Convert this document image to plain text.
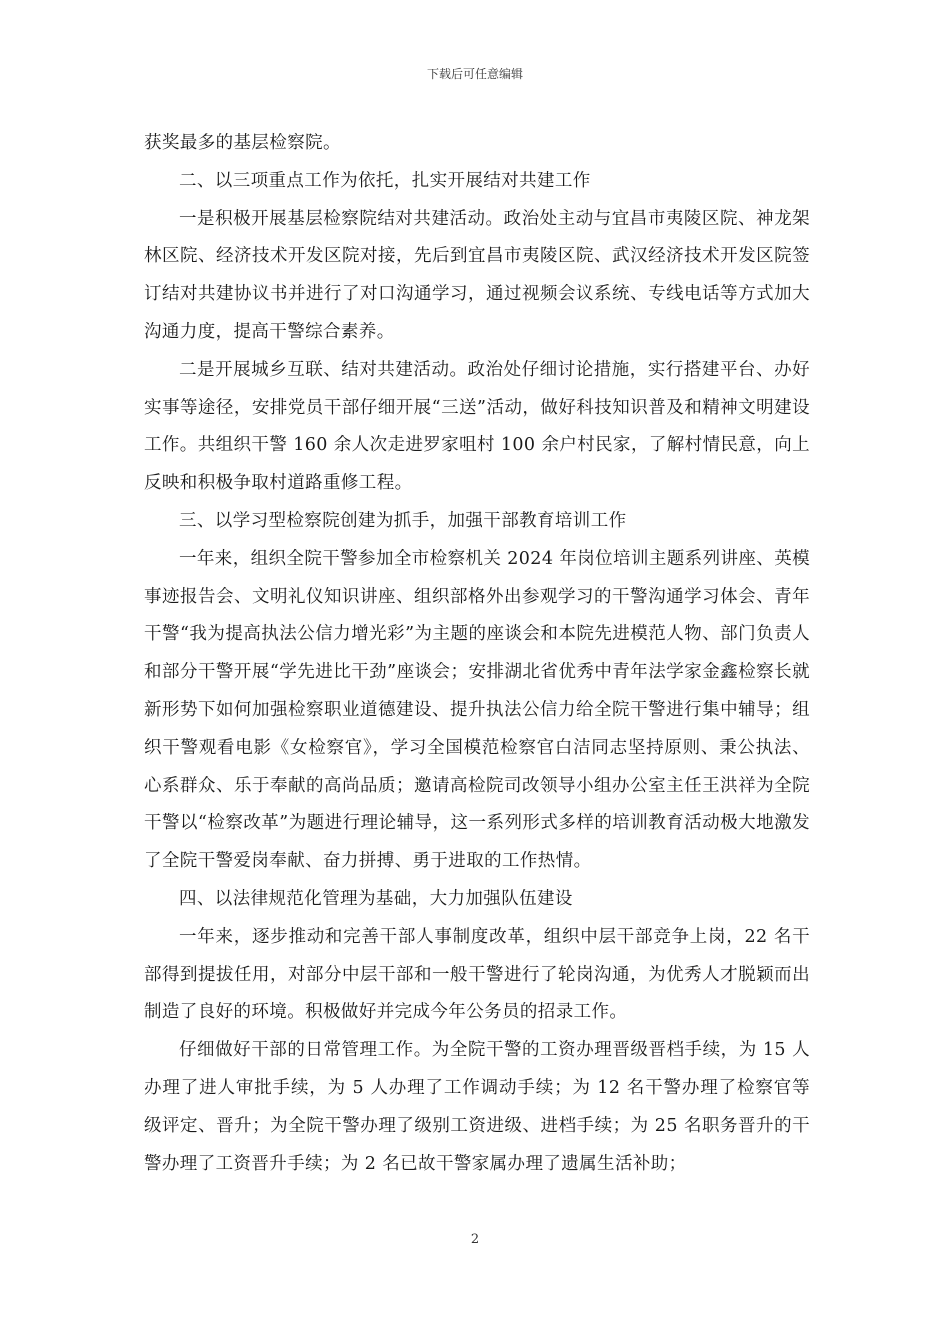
下载后可任意编辑

获奖最多的基层检察院。

二、以三项重点工作为依托，扎实开展结对共建工作

一是积极开展基层检察院结对共建活动。政治处主动与宜昌市夷陵区院、神龙架林区院、经济技术开发区院对接，先后到宜昌市夷陵区院、武汉经济技术开发区院签订结对共建协议书并进行了对口沟通学习，通过视频会议系统、专线电话等方式加大沟通力度，提高干警综合素养。

二是开展城乡互联、结对共建活动。政治处仔细讨论措施，实行搭建平台、办好实事等途径，安排党员干部仔细开展“三送”活动，做好科技知识普及和精神文明建设工作。共组织干警 160 余人次走进罗家咀村 100 余户村民家，了解村情民意，向上反映和积极争取村道路重修工程。

三、以学习型检察院创建为抓手，加强干部教育培训工作

一年来，组织全院干警参加全市检察机关 2024 年岗位培训主题系列讲座、英模事迹报告会、文明礼仪知识讲座、组织部格外出参观学习的干警沟通学习体会、青年干警“我为提高执法公信力增光彩”为主题的座谈会和本院先进模范人物、部门负责人和部分干警开展“学先进比干劲”座谈会；安排湖北省优秀中青年法学家金鑫检察长就新形势下如何加强检察职业道德建设、提升执法公信力给全院干警进行集中辅导；组织干警观看电影《女检察官》，学习全国模范检察官白洁同志坚持原则、秉公执法、心系群众、乐于奉献的高尚品质；邀请高检院司改领导小组办公室主任王洪祥为全院干警以“检察改革”为题进行理论辅导，这一系列形式多样的培训教育活动极大地激发了全院干警爱岗奉献、奋力拼搏、勇于进取的工作热情。

四、以法律规范化管理为基础，大力加强队伍建设

一年来，逐步推动和完善干部人事制度改革，组织中层干部竞争上岗，22 名干部得到提拔任用，对部分中层干部和一般干警进行了轮岗沟通，为优秀人才脱颖而出制造了良好的环境。积极做好并完成今年公务员的招录工作。

仔细做好干部的日常管理工作。为全院干警的工资办理晋级晋档手续，为 15 人办理了进人审批手续，为 5 人办理了工作调动手续；为 12 名干警办理了检察官等级评定、晋升；为全院干警办理了级别工资进级、进档手续；为 25 名职务晋升的干警办理了工资晋升手续；为 2 名已故干警家属办理了遗属生活补助；

2
